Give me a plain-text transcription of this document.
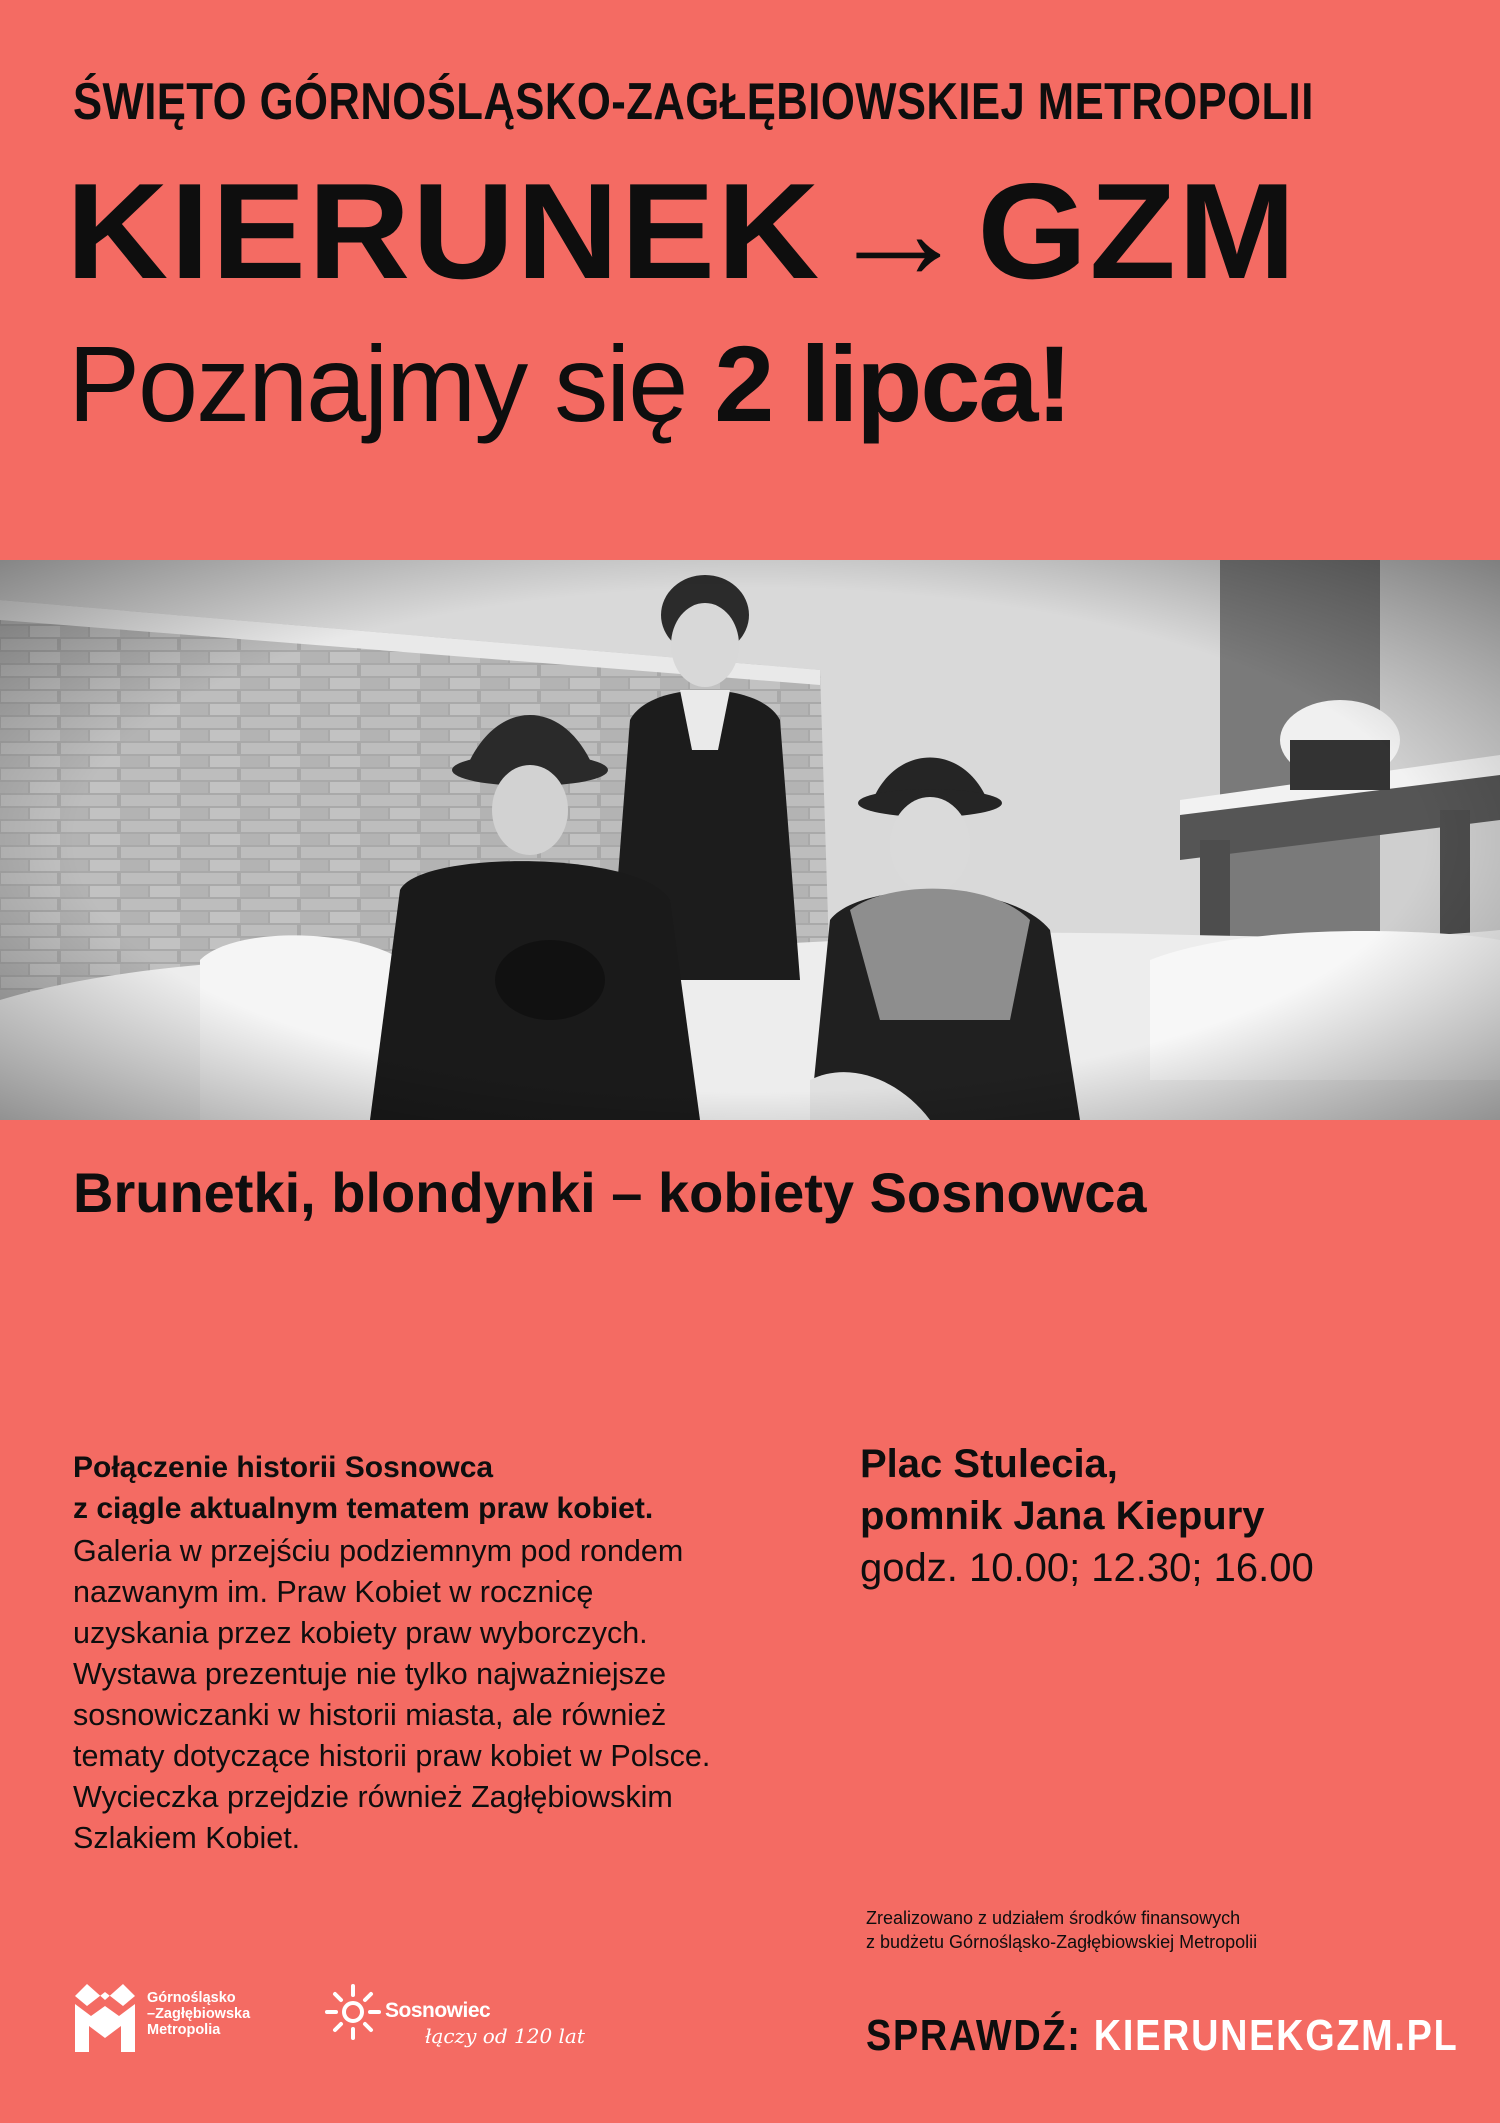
ŚWIĘTO GÓRNOŚLĄSKO-ZAGŁĘBIOWSKIEJ METROPOLII
KIERUNEK→GZM
Poznajmy się 2 lipca!
Brunetki, blondynki – kobiety Sosnowca
Połączenie historii Sosnowca
z ciągle aktualnym tematem praw kobiet.
Galeria w przejściu podziemnym pod rondem
nazwanym im. Praw Kobiet w rocznicę
uzyskania przez kobiety praw wyborczych.
Wystawa prezentuje nie tylko najważniejsze
sosnowiczanki w historii miasta, ale również
tematy dotyczące historii praw kobiet w Polsce.
Wycieczka przejdzie również Zagłębiowskim
Szlakiem Kobiet.
Plac Stulecia,
pomnik Jana Kiepury
godz. 10.00; 12.30; 16.00
Zrealizowano z udziałem środków finansowych
z budżetu Górnośląsko-Zagłębiowskiej Metropolii
SPRAWDŹ: KIERUNEKGZM.PL
Górnośląsko
–Zagłębiowska
Metropolia
Sosnowiec
łączy od 120 lat
